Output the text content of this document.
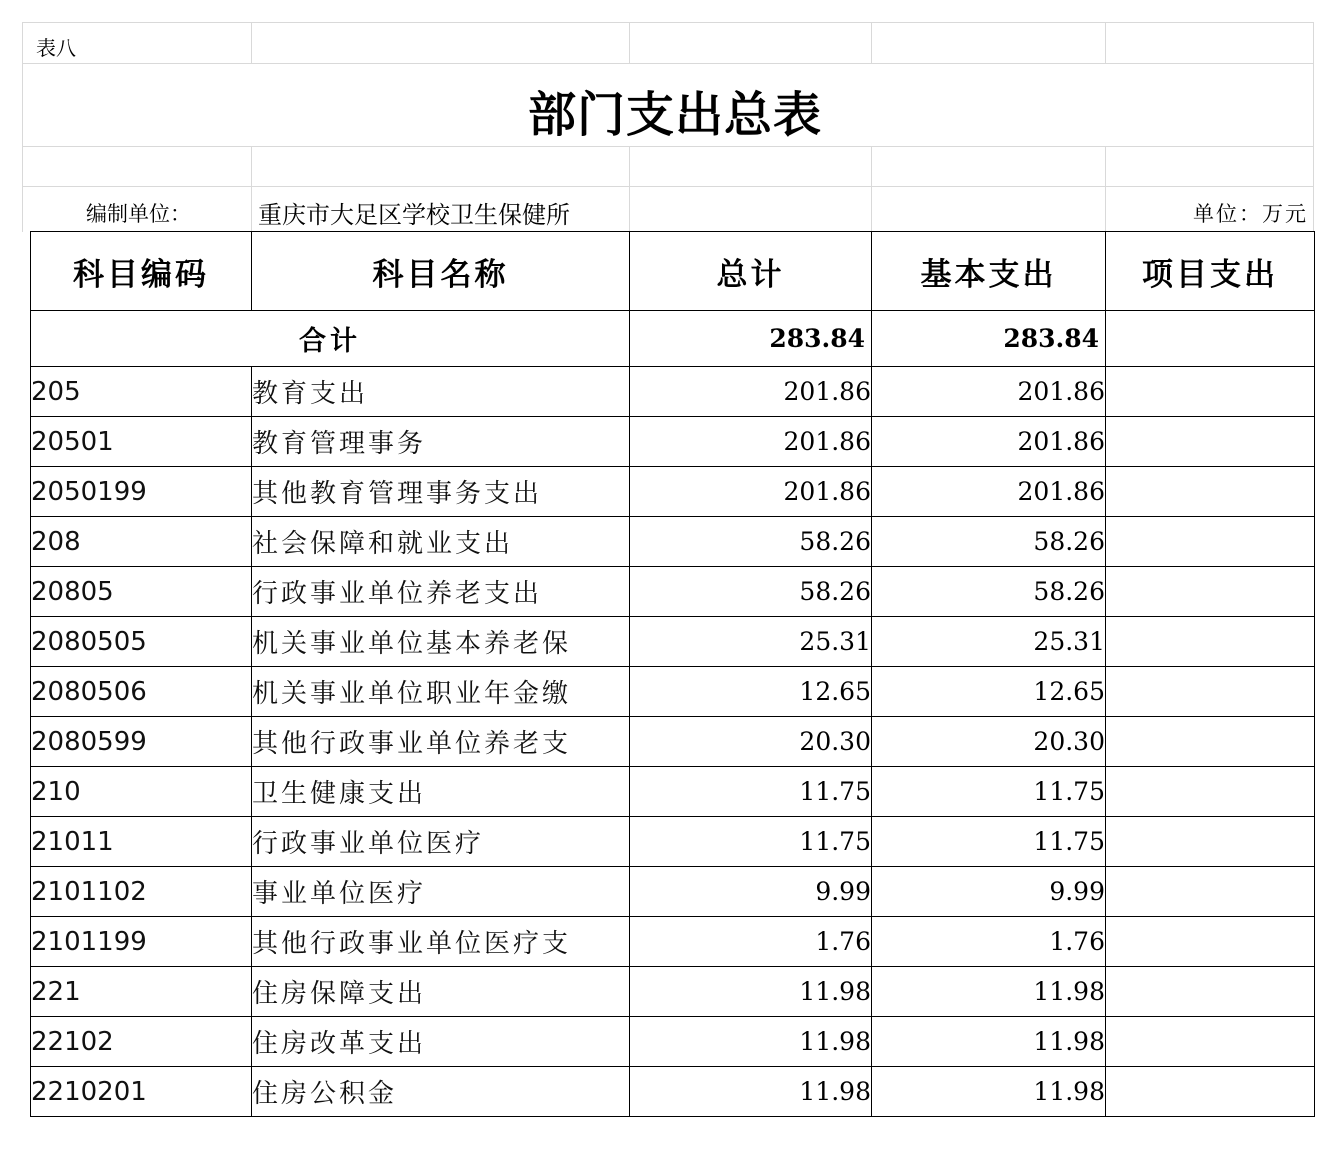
表八
部门支出总表
编制单位：	重庆市大足区学校卫生保健所	单位：万元
科目编码	科目名称	总计	基本支出	项目支出
合计		283.84	283.84	
205	教育支出	201.86	201.86	
20501	教育管理事务	201.86	201.86	
2050199	其他教育管理事务支出	201.86	201.86	
208	社会保障和就业支出	58.26	58.26	
20805	行政事业单位养老支出	58.26	58.26	
2080505	机关事业单位基本养老保	25.31	25.31	
2080506	机关事业单位职业年金缴	12.65	12.65	
2080599	其他行政事业单位养老支	20.30	20.30	
210	卫生健康支出	11.75	11.75	
21011	行政事业单位医疗	11.75	11.75	
2101102	事业单位医疗	9.99	9.99	
2101199	其他行政事业单位医疗支	1.76	1.76	
221	住房保障支出	11.98	11.98	
22102	住房改革支出	11.98	11.98	
2210201	住房公积金	11.98	11.98	
